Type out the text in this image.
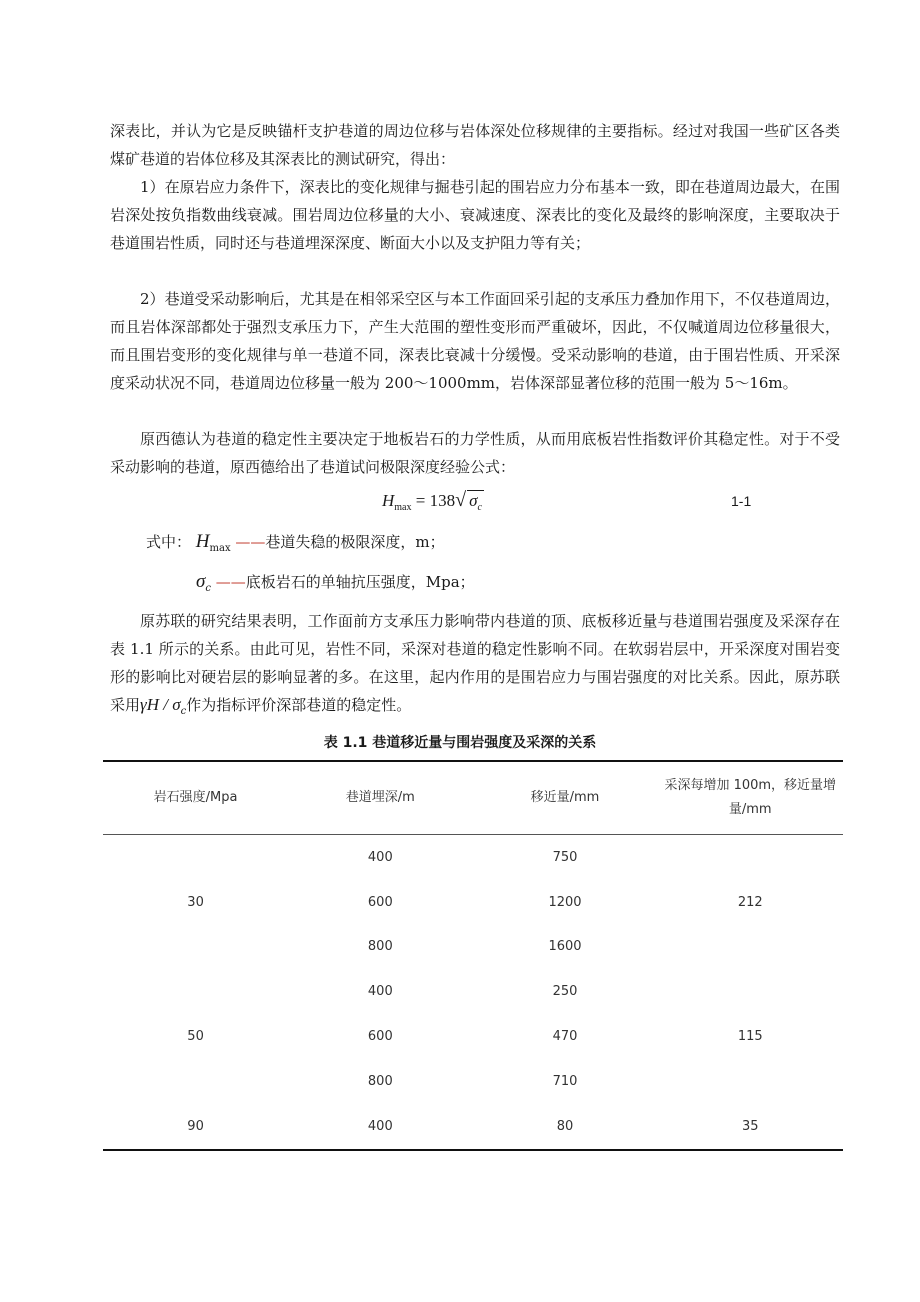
深表比，并认为它是反映锚杆支护巷道的周边位移与岩体深处位移规律的主要指标。经过对我国一些矿区各类煤矿巷道的岩体位移及其深表比的测试研究，得出：

1）在原岩应力条件下，深表比的变化规律与掘巷引起的围岩应力分布基本一致，即在巷道周边最大，在围岩深处按负指数曲线衰减。围岩周边位移量的大小、衰减速度、深表比的变化及最终的影响深度，主要取决于巷道围岩性质，同时还与巷道埋深深度、断面大小以及支护阻力等有关；

2）巷道受采动影响后，尤其是在相邻采空区与本工作面回采引起的支承压力叠加作用下，不仅巷道周边，而且岩体深部都处于强烈支承压力下，产生大范围的塑性变形而严重破坏，因此，不仅喊道周边位移量很大，而且围岩变形的变化规律与单一巷道不同，深表比衰减十分缓慢。受采动影响的巷道，由于围岩性质、开采深度采动状况不同，巷道周边位移量一般为 200～1000mm，岩体深部显著位移的范围一般为 5～16m。

原西德认为巷道的稳定性主要决定于地板岩石的力学性质，从而用底板岩性指数评价其稳定性。对于不受采动影响的巷道，原西德给出了巷道试问极限深度经验公式：

$H_{max} = 138√$ $\sigma_c$	1-1
式中： $H_{max}$ ——巷道失稳的极限深度，m；
$\sigma_c$ ——底板岩石的单轴抗压强度，Mpa；

原苏联的研究结果表明，工作面前方支承压力影响带内巷道的顶、底板移近量与巷道围岩强度及采深存在表 1.1 所示的关系。由此可见，岩性不同，采深对巷道的稳定性影响不同。在软弱岩层中，开采深度对围岩变形的影响比对硬岩层的影响显著的多。在这里，起内作用的是围岩应力与围岩强度的对比关系。因此，原苏联采用γH / $\sigma_c$作为指标评价深部巷道的稳定性。

表 1.1 巷道移近量与围岩强度及采深的关系
岩石强度/Mpa	巷道埋深/m	移近量/mm	采深每增加 100m，移近量增量/mm
30	400	750	212
	600	1200	
	800	1600	
50	400	250	115
	600	470	
	800	710	
90	400	80	35
